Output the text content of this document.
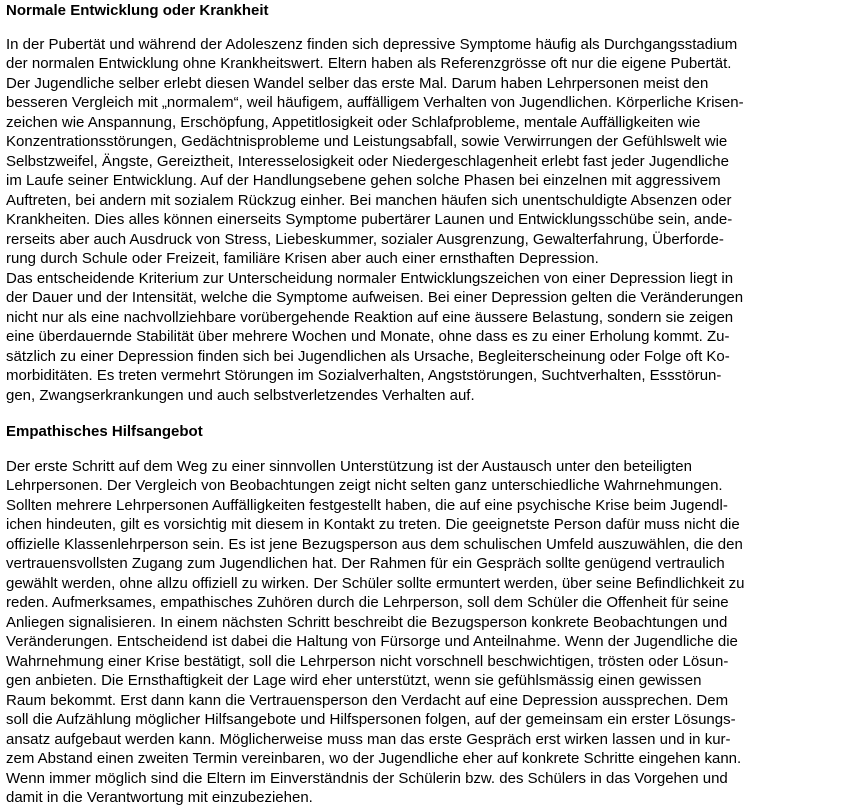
Normale Entwicklung oder Krankheit
In der Pubertät und während der Adoleszenz finden sich depressive Symptome häufig als Durchgangsstadium
der normalen Entwicklung ohne Krankheitswert. Eltern haben als Referenzgrösse oft nur die eigene Pubertät.
Der Jugendliche selber erlebt diesen Wandel selber das erste Mal. Darum haben Lehrpersonen meist den
besseren Vergleich mit „normalem“, weil häufigem, auffälligem Verhalten von Jugendlichen. Körperliche Krisen-
zeichen wie Anspannung, Erschöpfung, Appetitlosigkeit oder Schlafprobleme, mentale Auffälligkeiten wie
Konzentrationsstörungen, Gedächtnisprobleme und Leistungsabfall, sowie Verwirrungen der Gefühlswelt wie
Selbstzweifel, Ängste, Gereiztheit, Interesselosigkeit oder Niedergeschlagenheit erlebt fast jeder Jugendliche
im Laufe seiner Entwicklung. Auf der Handlungsebene gehen solche Phasen bei einzelnen mit aggressivem
Auftreten, bei andern mit sozialem Rückzug einher. Bei manchen häufen sich unentschuldigte Absenzen oder
Krankheiten. Dies alles können einerseits Symptome pubertärer Launen und Entwicklungsschübe sein, ande-
rerseits aber auch Ausdruck von Stress, Liebeskummer, sozialer Ausgrenzung, Gewalterfahrung, Überforde-
rung durch Schule oder Freizeit, familiäre Krisen aber auch einer ernsthaften Depression.
Das entscheidende Kriterium zur Unterscheidung normaler Entwicklungszeichen von einer Depression liegt in
der Dauer und der Intensität, welche die Symptome aufweisen. Bei einer Depression gelten die Veränderungen
nicht nur als eine nachvollziehbare vorübergehende Reaktion auf eine äussere Belastung, sondern sie zeigen
eine überdauernde Stabilität über mehrere Wochen und Monate, ohne dass es zu einer Erholung kommt. Zu-
sätzlich zu einer Depression finden sich bei Jugendlichen als Ursache, Begleiterscheinung oder Folge oft Ko-
morbiditäten. Es treten vermehrt Störungen im Sozialverhalten, Angststörungen, Suchtverhalten, Essstörun-
gen, Zwangserkrankungen und auch selbstverletzendes Verhalten auf.
Empathisches Hilfsangebot
Der erste Schritt auf dem Weg zu einer sinnvollen Unterstützung ist der Austausch unter den beteiligten
Lehrpersonen. Der Vergleich von Beobachtungen zeigt nicht selten ganz unterschiedliche Wahrnehmungen.
Sollten mehrere Lehrpersonen Auffälligkeiten festgestellt haben, die auf eine psychische Krise beim Jugendl-
ichen hindeuten, gilt es vorsichtig mit diesem in Kontakt zu treten. Die geeignetste Person dafür muss nicht die
offizielle Klassenlehrperson sein. Es ist jene Bezugsperson aus dem schulischen Umfeld auszuwählen, die den
vertrauensvollsten Zugang zum Jugendlichen hat. Der Rahmen für ein Gespräch sollte genügend vertraulich
gewählt werden, ohne allzu offiziell zu wirken. Der Schüler sollte ermuntert werden, über seine Befindlichkeit zu
reden. Aufmerksames, empathisches Zuhören durch die Lehrperson, soll dem Schüler die Offenheit für seine
Anliegen signalisieren. In einem nächsten Schritt beschreibt die Bezugsperson konkrete Beobachtungen und
Veränderungen. Entscheidend ist dabei die Haltung von Fürsorge und Anteilnahme. Wenn der Jugendliche die
Wahrnehmung einer Krise bestätigt, soll die Lehrperson nicht vorschnell beschwichtigen, trösten oder Lösun-
gen anbieten. Die Ernsthaftigkeit der Lage wird eher unterstützt, wenn sie gefühlsmässig einen gewissen
Raum bekommt. Erst dann kann die Vertrauensperson den Verdacht auf eine Depression aussprechen. Dem
soll die Aufzählung möglicher Hilfsangebote und Hilfspersonen folgen, auf der gemeinsam ein erster Lösungs-
ansatz aufgebaut werden kann. Möglicherweise muss man das erste Gespräch erst wirken lassen und in kur-
zem Abstand einen zweiten Termin vereinbaren, wo der Jugendliche eher auf konkrete Schritte eingehen kann.
Wenn immer möglich sind die Eltern im Einverständnis der Schülerin bzw. des Schülers in das Vorgehen und
damit in die Verantwortung mit einzubeziehen.
